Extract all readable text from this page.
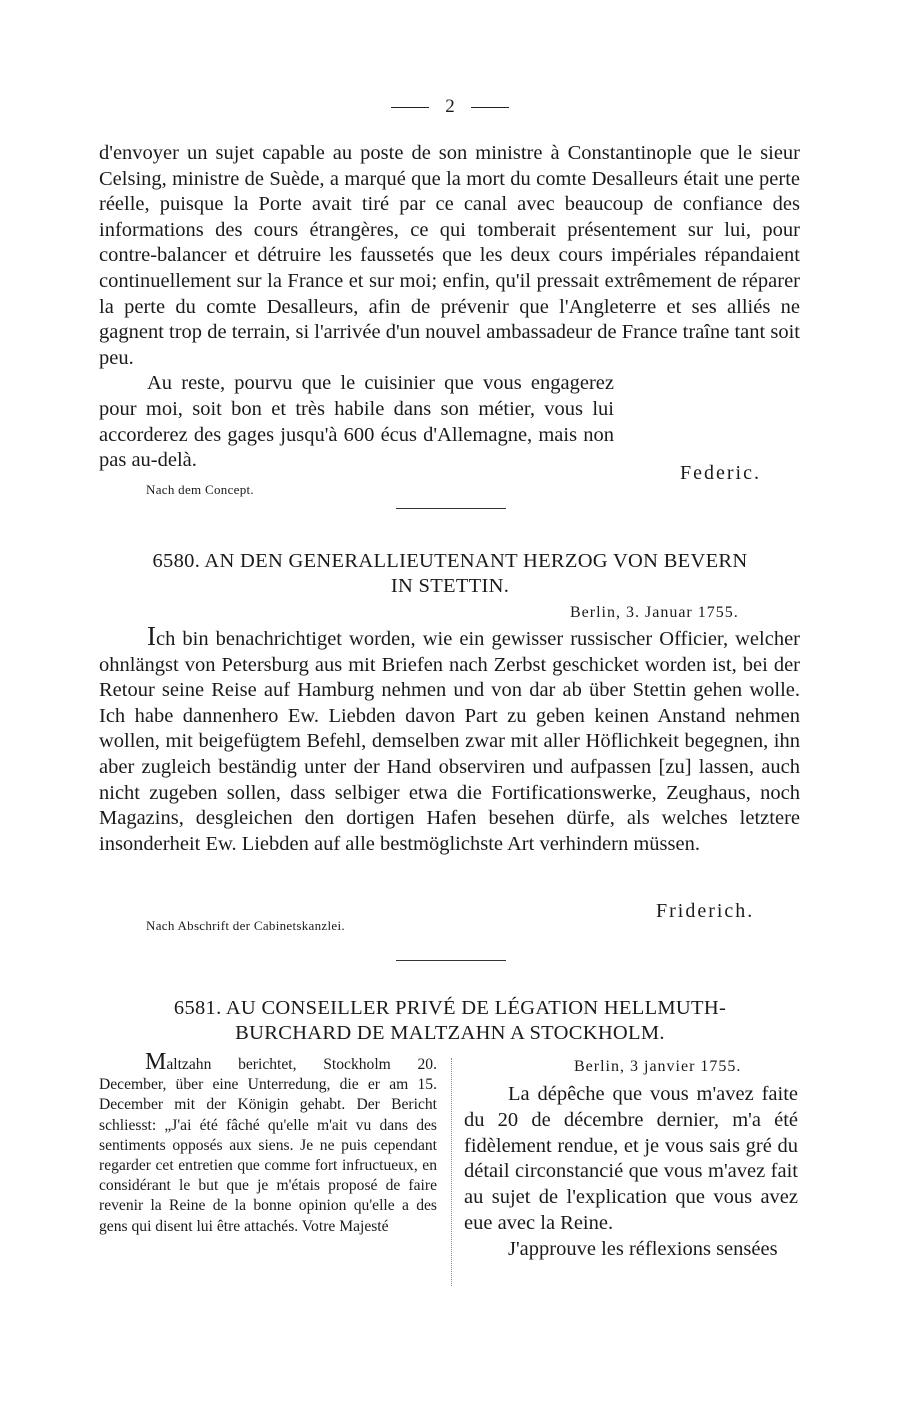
2

d'envoyer un sujet capable au poste de son ministre à Constantinople que le sieur Celsing, ministre de Suède, a marqué que la mort du comte Desalleurs était une perte réelle, puisque la Porte avait tiré par ce canal avec beaucoup de confiance des informations des cours étrangères, ce qui tomberait présentement sur lui, pour contre-balancer et détruire les faussetés que les deux cours impériales répandaient continuellement sur la France et sur moi; enfin, qu'il pressait extrêmement de réparer la perte du comte Desalleurs, afin de prévenir que l'Angleterre et ses alliés ne gagnent trop de terrain, si l'arrivée d'un nouvel ambassadeur de France traîne tant soit peu.

Au reste, pourvu que le cuisinier que vous engagerez pour moi, soit bon et très habile dans son métier, vous lui accorderez des gages jusqu'à 600 écus d'Allemagne, mais non pas au-delà.

Federic.
Nach dem Concept.
6580. AN DEN GENERALLIEUTENANT HERZOG VON BEVERN
IN STETTIN.
Berlin, 3. Januar 1755.

Ich bin benachrichtiget worden, wie ein gewisser russischer Officier, welcher ohnlängst von Petersburg aus mit Briefen nach Zerbst geschicket worden ist, bei der Retour seine Reise auf Hamburg nehmen und von dar ab über Stettin gehen wolle. Ich habe dannenhero Ew. Liebden davon Part zu geben keinen Anstand nehmen wollen, mit beigefügtem Befehl, demselben zwar mit aller Höflichkeit begegnen, ihn aber zugleich beständig unter der Hand observiren und aufpassen [zu] lassen, auch nicht zugeben sollen, dass selbiger etwa die Fortificationswerke, Zeughaus, noch Magazins, desgleichen den dortigen Hafen besehen dürfe, als welches letztere insonderheit Ew. Liebden auf alle bestmöglichste Art verhindern müssen.

Friderich.
Nach Abschrift der Cabinetskanzlei.
6581. AU CONSEILLER PRIVÉ DE LÉGATION HELLMUTH-
BURCHARD DE MALTZAHN A STOCKHOLM.

Maltzahn berichtet, Stockholm 20. December, über eine Unterredung, die er am 15. December mit der Königin gehabt. Der Bericht schliesst: „J'ai été fâché qu'elle m'ait vu dans des sentiments opposés aux siens. Je ne puis cependant regarder cet entretien que comme fort infructueux, en considérant le but que je m'étais proposé de faire revenir la Reine de la bonne opinion qu'elle a des gens qui disent lui être attachés. Votre Majesté

Berlin, 3 janvier 1755.

La dépêche que vous m'avez faite du 20 de décembre dernier, m'a été fidèlement rendue, et je vous sais gré du détail circonstancié que vous m'avez fait au sujet de l'explication que vous avez eue avec la Reine.

J'approuve les réflexions sensées
